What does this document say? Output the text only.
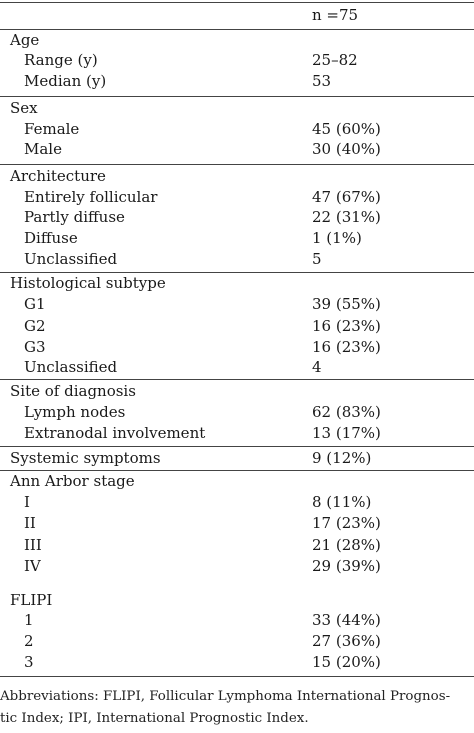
n =75
Age
Range (y)	25–82
Median (y)	53
Sex
Female	45 (60%)
Male	30 (40%)
Architecture
Entirely follicular	47 (67%)
Partly diffuse	22 (31%)
Diffuse	1 (1%)
Unclassified	5
Histological subtype
G1	39 (55%)
G2	16 (23%)
G3	16 (23%)
Unclassified	4
Site of diagnosis
Lymph nodes	62 (83%)
Extranodal involvement	13 (17%)
Systemic symptoms	9 (12%)
Ann Arbor stage
I	8 (11%)
II	17 (23%)
III	21 (28%)
IV	29 (39%)
FLIPI
1	33 (44%)
2	27 (36%)
3	15 (20%)
Abbreviations: FLIPI, Follicular Lymphoma International Prognos-
tic Index; IPI, International Prognostic Index.
